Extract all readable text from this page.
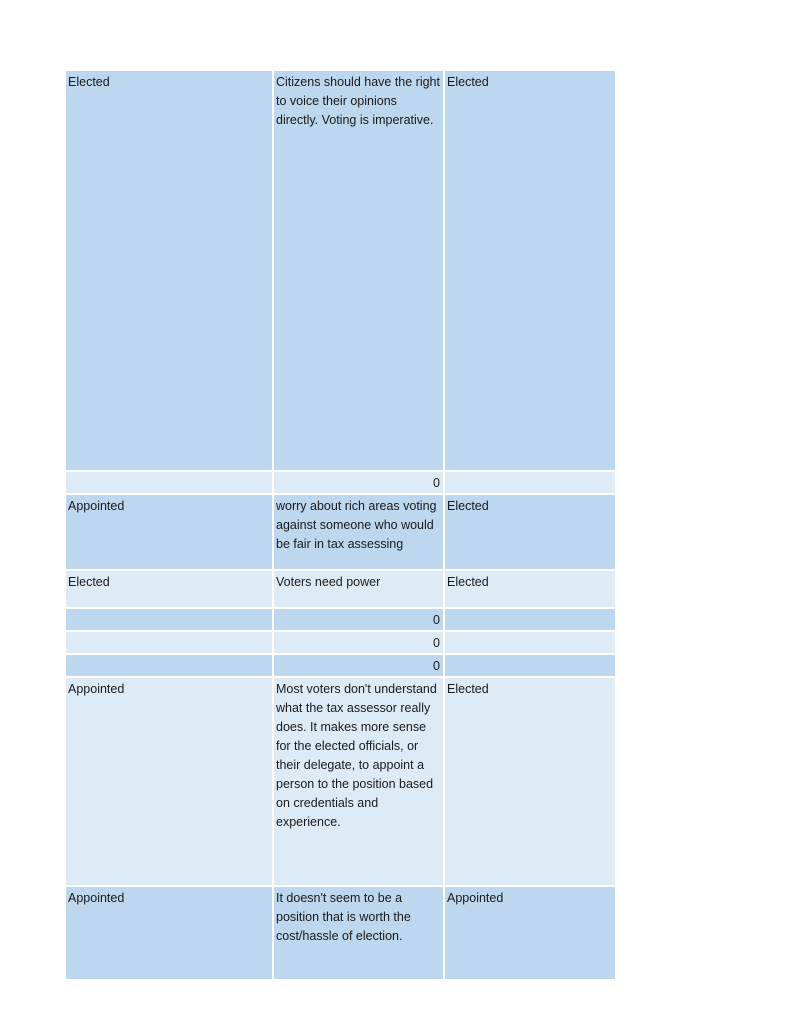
Elected	Citizens should have the right to voice their opinions directly. Voting is imperative.	Elected
	0	
Appointed	worry about rich areas voting against someone who would be fair in tax assessing	Elected
Elected	Voters need power	Elected
	0	
	0	
	0	
Appointed	Most voters don't understand what the tax assessor really does. It makes more sense for the elected officials, or their delegate, to appoint a person to the position based on credentials and experience.	Elected
Appointed	It doesn't seem to be a position that is worth the cost/hassle of election.	Appointed
